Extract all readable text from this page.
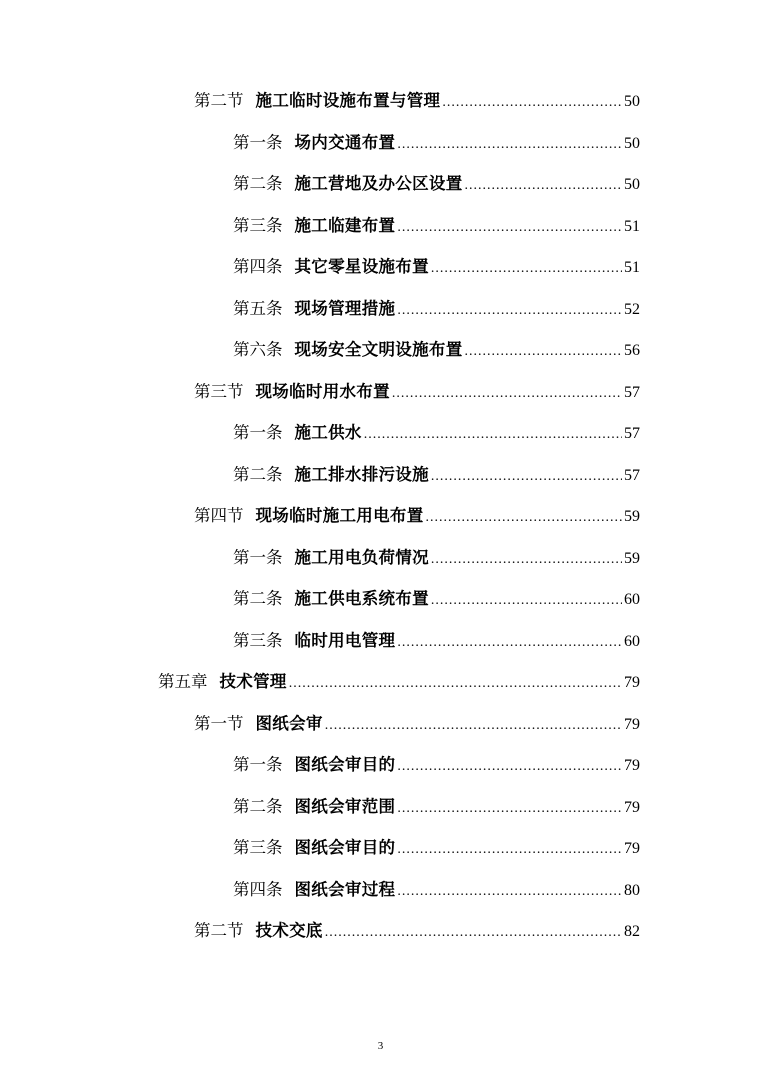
第二节 施工临时设施布置与管理 .....	50
第一条 场内交通布置 .....	50
第二条 施工营地及办公区设置 .....	50
第三条 施工临建布置 .....	51
第四条 其它零星设施布置 .....	51
第五条 现场管理措施 .....	52
第六条 现场安全文明设施布置 .....	56
第三节 现场临时用水布置 .....	57
第一条 施工供水 .....	57
第二条 施工排水排污设施 .....	57
第四节 现场临时施工用电布置 .....	59
第一条 施工用电负荷情况 .....	59
第二条 施工供电系统布置 .....	60
第三条 临时用电管理 .....	60
第五章 技术管理 .....	79
第一节 图纸会审 .....	79
第一条 图纸会审目的 .....	79
第二条 图纸会审范围 .....	79
第三条 图纸会审目的 .....	79
第四条 图纸会审过程 .....	80
第二节 技术交底 .....	82
3
